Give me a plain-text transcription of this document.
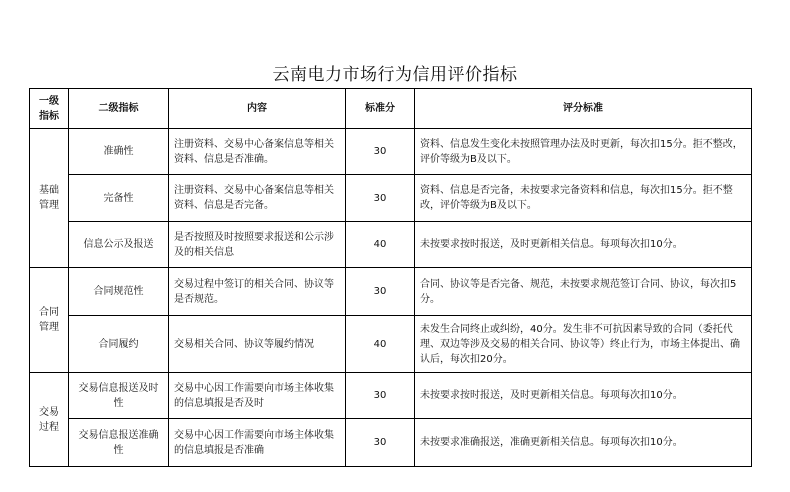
云南电力市场行为信用评价指标
一级
指标	二级指标	内容	标准分	评分标准

基础
管理	准确性	注册资料、交易中心备案信息等相关资料、信息是否准确。	30	资料、信息发生变化未按照管理办法及时更新，每次扣15分。拒不整改，评价等级为B及以下。
	完备性	注册资料、交易中心备案信息等相关资料、信息是否完备。	30	资料、信息是否完备，未按要求完备资料和信息，每次扣15分。拒不整改，评价等级为B及以下。
	信息公示及报送	是否按照及时按照要求报送和公示涉及的相关信息	40	未按要求按时报送，及时更新相关信息。每项每次扣10分。

合同
管理	合同规范性	交易过程中签订的相关合同、协议等是否规范。	30	合同、协议等是否完备、规范，未按要求规范签订合同、协议，每次扣5分。
	合同履约	交易相关合同、协议等履约情况	40	未发生合同终止或纠纷，40分。发生非不可抗因素导致的合同（委托代理、双边等涉及交易的相关合同、协议等）终止行为，市场主体提出、确认后，每次扣20分。

交易
过程	交易信息报送及时性	交易中心因工作需要向市场主体收集的信息填报是否及时	30	未按要求按时报送，及时更新相关信息。每项每次扣10分。
	交易信息报送准确性	交易中心因工作需要向市场主体收集的信息填报是否准确	30	未按要求准确报送，准确更新相关信息。每项每次扣10分。
